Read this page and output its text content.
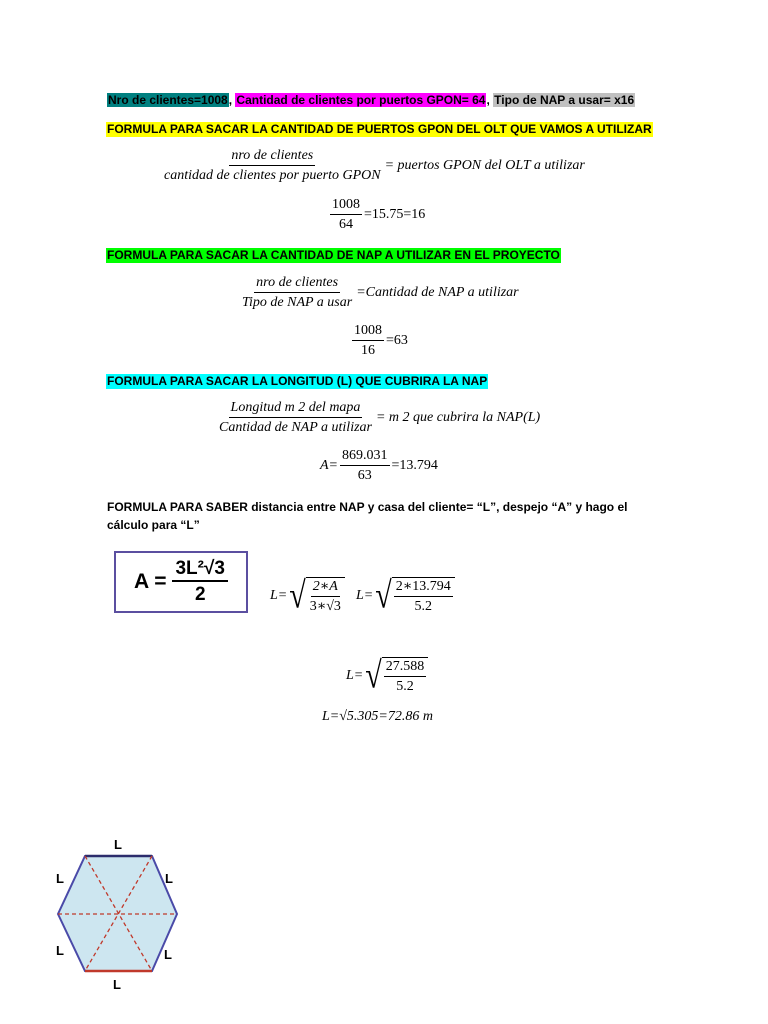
Nro de clientes=1008, Cantidad de clientes por puertos GPON= 64, Tipo de NAP a usar= x16
FORMULA PARA SACAR LA CANTIDAD DE PUERTOS GPON DEL OLT QUE VAMOS A UTILIZAR
$\frac{\text{nro de clientes}}{\text{cantidad de clientes por puerto GPON}}$ = puertos GPON del OLT a utilizar
$\frac{1008}{64} =15.75=16$
FORMULA PARA SACAR LA CANTIDAD DE NAP A UTILIZAR EN EL PROYECTO
$\frac{\text{nro de clientes}}{\text{Tipo de NAP a usar}}$ =Cantidad de NAP a utilizar
$\frac{1008}{16} =63$
FORMULA PARA SACAR LA LONGITUD (L) QUE CUBRIRA LA NAP
$\frac{\text{Longitud m 2 del mapa}}{\text{Cantidad de NAP a utilizar}} = m$ 2 que cubrira la NAP(L)
$A= \frac{869.031}{63} =13.794$
FORMULA PARA SABER distancia entre NAP y casa del cliente= “L”, despejo “A” y hago el cálculo para “L”
$A = \frac{\text{3L²√3}}{2}$	L= √ $\frac{2∗A}{3∗√3} L=$ √ $\frac{2∗13.794}{5.2}$
L= √ $\frac{27.588}{5.2}$
L=√5.305=72.86 m
L
L
L
L
L
L
